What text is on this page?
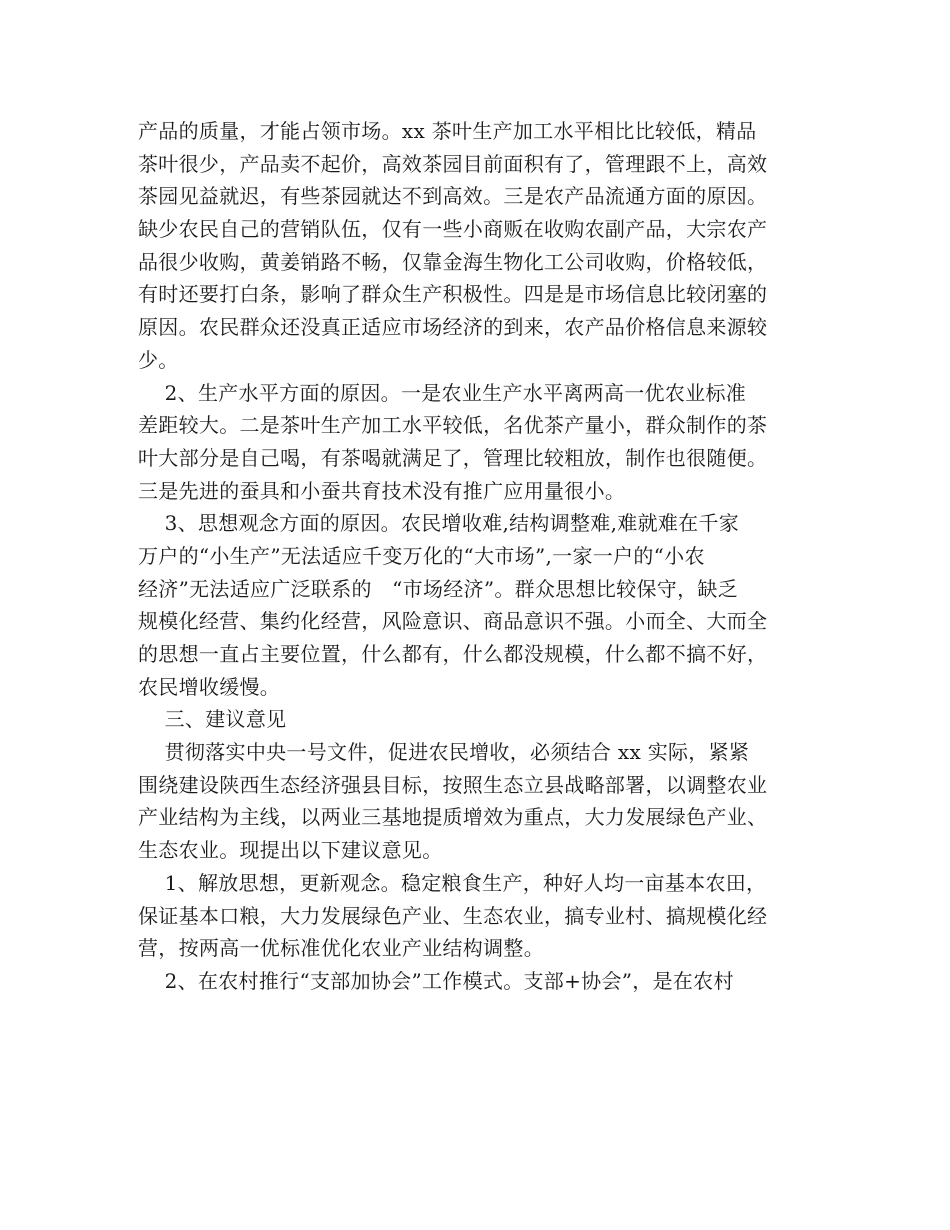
产品的质量，才能占领市场。xx 茶叶生产加工水平相比比较低，精品
茶叶很少，产品卖不起价，高效茶园目前面积有了，管理跟不上，高效
茶园见益就迟，有些茶园就达不到高效。三是农产品流通方面的原因。
缺少农民自己的营销队伍，仅有一些小商贩在收购农副产品，大宗农产
品很少收购，黄姜销路不畅，仅靠金海生物化工公司收购，价格较低，
有时还要打白条，影响了群众生产积极性。四是是市场信息比较闭塞的
原因。农民群众还没真正适应市场经济的到来，农产品价格信息来源较
少。
2、生产水平方面的原因。一是农业生产水平离两高一优农业标准
差距较大。二是茶叶生产加工水平较低，名优茶产量小，群众制作的茶
叶大部分是自己喝，有茶喝就满足了，管理比较粗放，制作也很随便。
三是先进的蚕具和小蚕共育技术没有推广应用量很小。
3、思想观念方面的原因。农民增收难,结构调整难,难就难在千家
万户的“小生产”无法适应千变万化的“大市场”,一家一户的“小农
经济”无法适应广泛联系的　“市场经济”。群众思想比较保守，缺乏
规模化经营、集约化经营，风险意识、商品意识不强。小而全、大而全
的思想一直占主要位置，什么都有，什么都没规模，什么都不搞不好，
农民增收缓慢。
三、建议意见
贯彻落实中央一号文件，促进农民增收，必须结合 xx 实际，紧紧
围绕建设陕西生态经济强县目标，按照生态立县战略部署，以调整农业
产业结构为主线，以两业三基地提质增效为重点，大力发展绿色产业、
生态农业。现提出以下建议意见。
1、解放思想，更新观念。稳定粮食生产，种好人均一亩基本农田，
保证基本口粮，大力发展绿色产业、生态农业，搞专业村、搞规模化经
营，按两高一优标准优化农业产业结构调整。
2、在农村推行“支部加协会”工作模式。支部+协会”，是在农村
